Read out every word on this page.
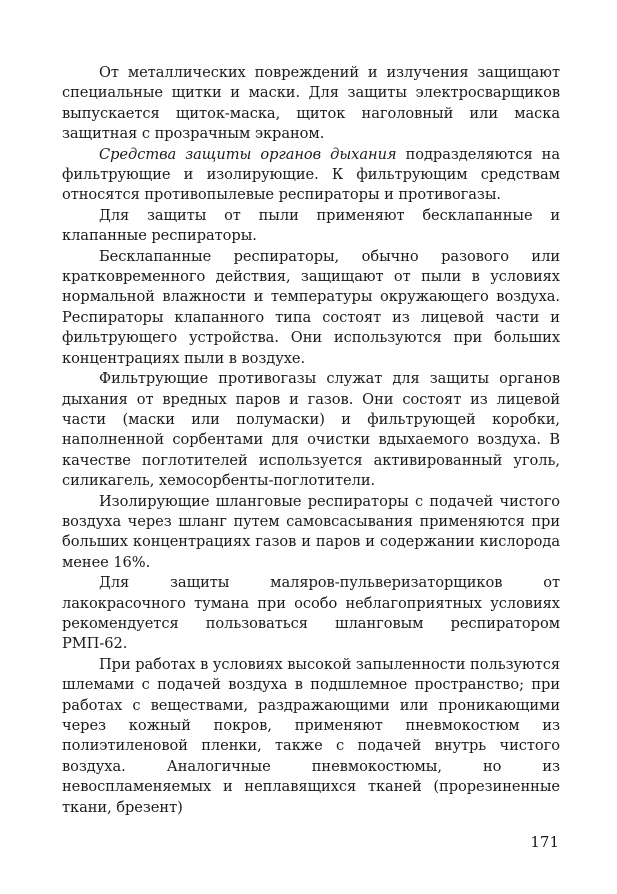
От металлических повреждений и излучения защищают специальные щитки и маски. Для защиты электросварщиков выпускается щиток-маска, щиток наголовный или маска защитная с прозрачным экраном.

Средства защиты органов дыхания подразделяются на фильтрующие и изолирующие. К фильтрующим средствам относятся противопылевые респираторы и противогазы.

Для защиты от пыли применяют бесклапанные и клапанные респираторы.

Бесклапанные респираторы, обычно разового или кратковременного действия, защищают от пыли в условиях нормальной влажности и температуры окружающего воздуха. Респираторы клапанного типа состоят из лицевой части и фильтрующего устройства. Они используются при больших концентрациях пыли в воздухе.

Фильтрующие противогазы служат для защиты органов дыхания от вредных паров и газов. Они состоят из лицевой части (маски или полумаски) и фильтрующей коробки, наполненной сорбентами для очистки вдыхаемого воздуха. В качестве поглотителей используется активированный уголь, силикагель, хемосорбенты-поглотители.

Изолирующие шланговые респираторы с подачей чистого воздуха через шланг путем самовсасывания применяются при больших концентрациях газов и паров и содержании кислорода менее 16%.

Для защиты маляров-пульверизаторщиков от лакокрасочного тумана при особо неблагоприятных условиях рекомендуется пользоваться шланговым респиратором РМП-62.

При работах в условиях высокой запыленности пользуются шлемами с подачей воздуха в подшлемное пространство; при работах с веществами, раздражающими или проникающими через кожный покров, применяют пневмокостюм из полиэтиленовой пленки, также с подачей внутрь чистого воздуха. Аналогичные пневмокостюмы, но из невоспламеняемых и неплавящихся тканей (прорезиненные ткани, брезент)

171
